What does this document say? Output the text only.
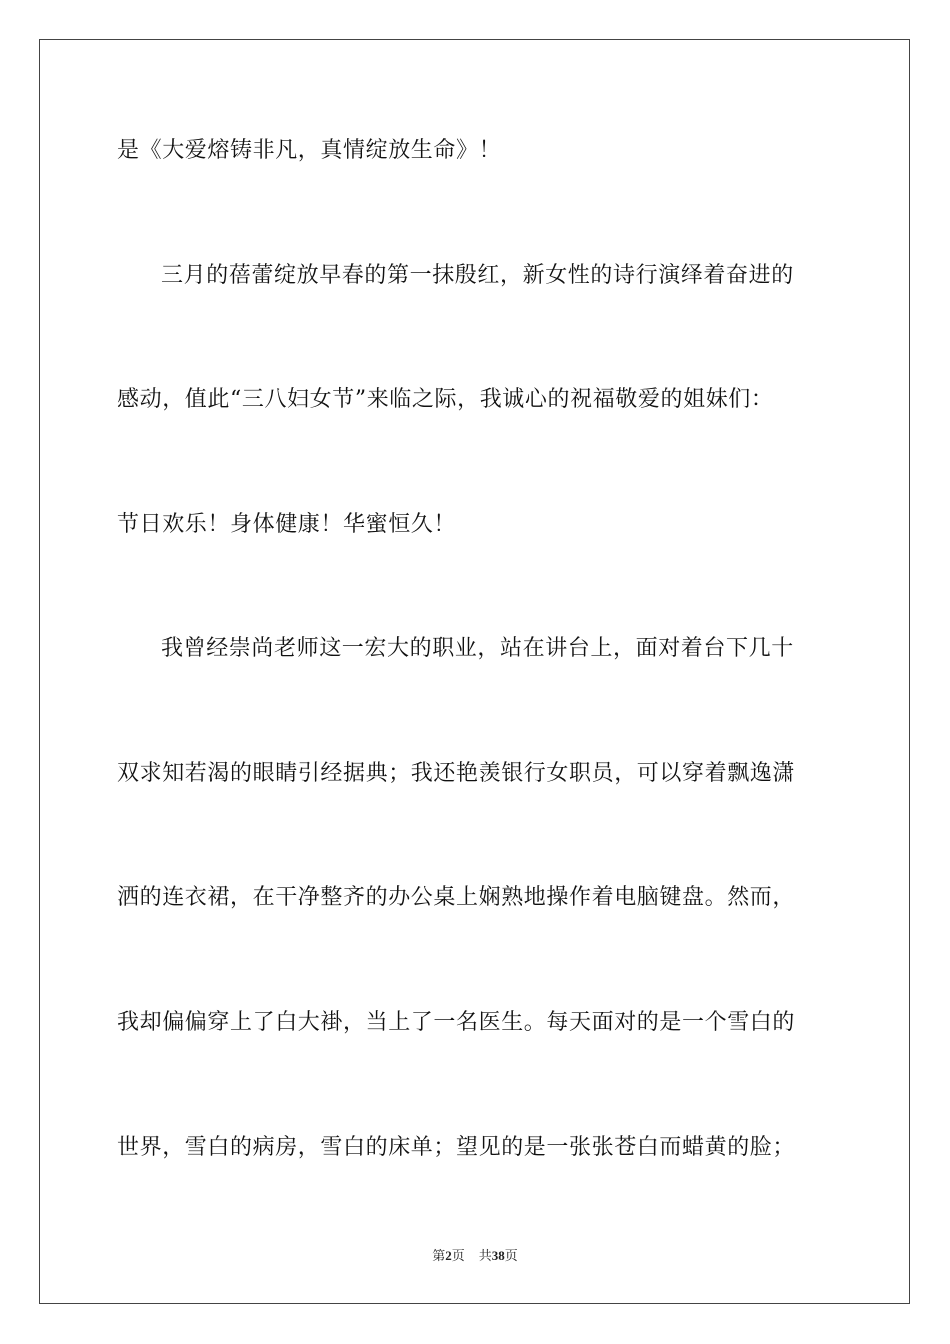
是《大爱熔铸非凡，真情绽放生命》！
三月的蓓蕾绽放早春的第一抹殷红，新女性的诗行演绎着奋进的
感动，值此“三八妇女节”来临之际，我诚心的祝福敬爱的姐妹们：
节日欢乐！身体健康！华蜜恒久！
我曾经崇尚老师这一宏大的职业，站在讲台上，面对着台下几十
双求知若渴的眼睛引经据典；我还艳羡银行女职员，可以穿着飘逸潇
洒的连衣裙，在干净整齐的办公桌上娴熟地操作着电脑键盘。然而，
我却偏偏穿上了白大褂，当上了一名医生。每天面对的是一个雪白的
世界，雪白的病房，雪白的床单；望见的是一张张苍白而蜡黄的脸；
第2页 共38页
